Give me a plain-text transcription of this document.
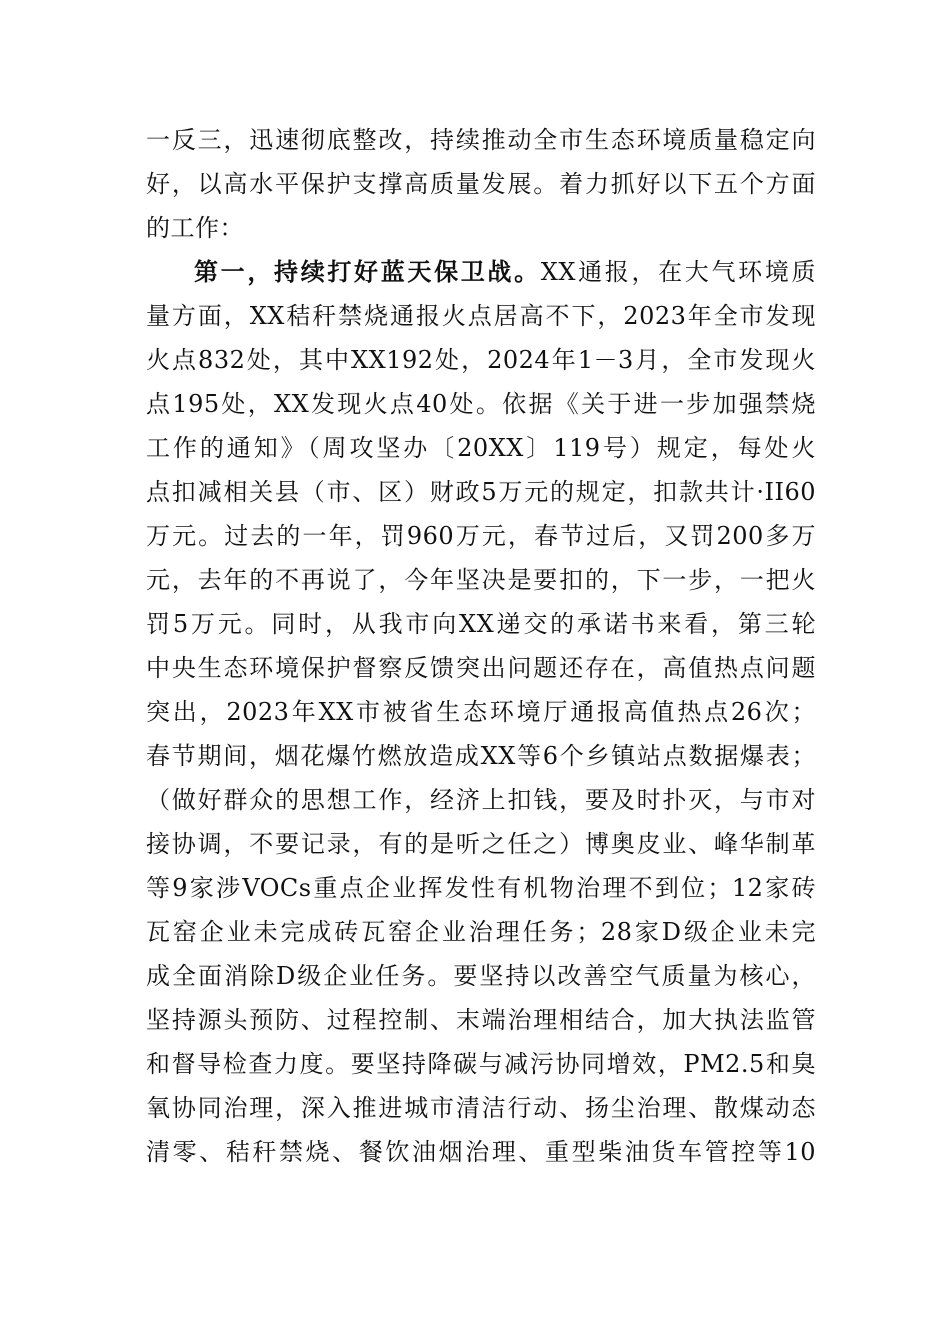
一反三，迅速彻底整改，持续推动全市生态环境质量稳定向
好，以高水平保护支撑高质量发展。着力抓好以下五个方面
的工作：
第一，持续打好蓝天保卫战。XX通报，在大气环境质
量方面，XX秸秆禁烧通报火点居高不下，2023年全市发现
火点832处，其中XX192处，2024年1－3月，全市发现火
点195处，XX发现火点40处。依据《关于进一步加强禁烧
工作的通知》（周攻坚办〔20XX〕119号）规定，每处火
点扣减相关县（市、区）财政5万元的规定，扣款共计·II60
万元。过去的一年，罚960万元，春节过后，又罚200多万
元，去年的不再说了，今年坚决是要扣的，下一步，一把火
罚5万元。同时，从我市向XX递交的承诺书来看，第三轮
中央生态环境保护督察反馈突出问题还存在，高值热点问题
突出，2023年XX市被省生态环境厅通报高值热点26次；
春节期间，烟花爆竹燃放造成XX等6个乡镇站点数据爆表；
（做好群众的思想工作，经济上扣钱，要及时扑灭，与市对
接协调，不要记录，有的是听之任之）博奥皮业、峰华制革
等9家涉VOCs重点企业挥发性有机物治理不到位；12家砖
瓦窑企业未完成砖瓦窑企业治理任务；28家D级企业未完
成全面消除D级企业任务。要坚持以改善空气质量为核心，
坚持源头预防、过程控制、末端治理相结合，加大执法监管
和督导检查力度。要坚持降碳与减污协同增效，PM2.5和臭
氧协同治理，深入推进城市清洁行动、扬尘治理、散煤动态
清零、秸秆禁烧、餐饮油烟治理、重型柴油货车管控等10
